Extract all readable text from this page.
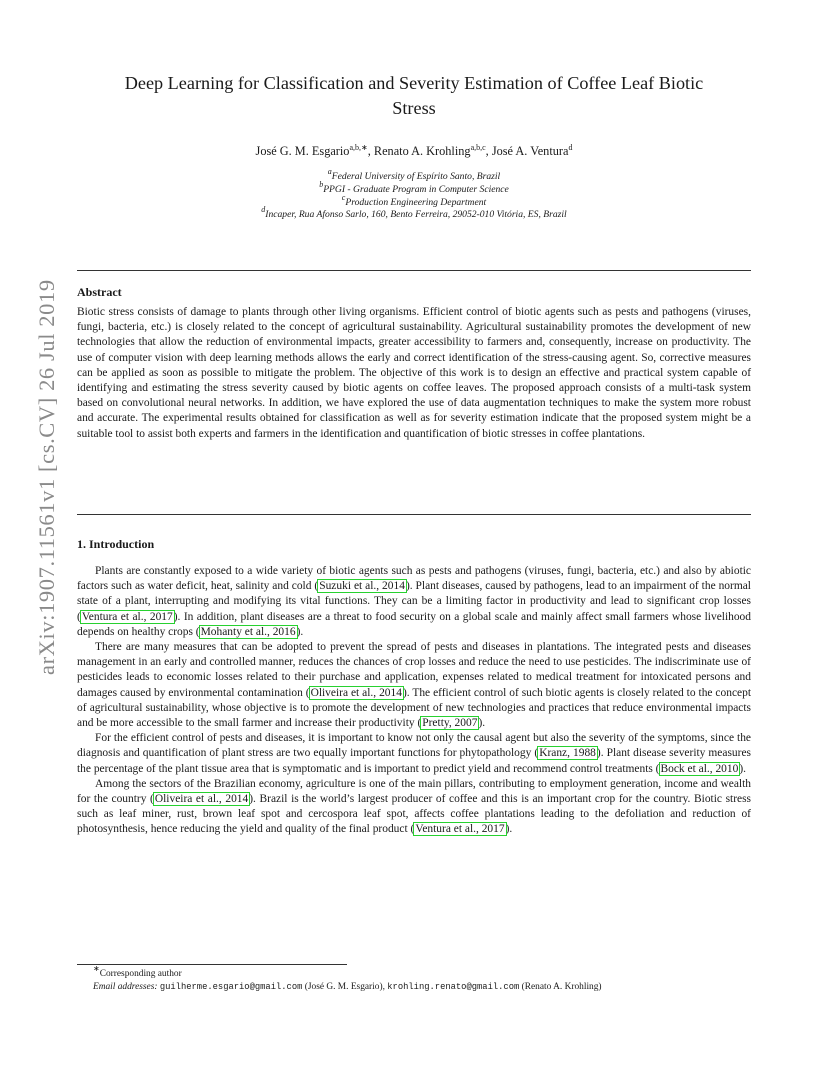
arXiv:1907.11561v1 [cs.CV] 26 Jul 2019
Deep Learning for Classification and Severity Estimation of Coffee Leaf Biotic
Stress
José G. M. Esgario$^{a,b,∗}$, Renato A. Krohling$^{a,b,c}$, José A. Ventura$^d$
$^a$Federal University of Espírito Santo, Brazil
$^b$PPGI - Graduate Program in Computer Science
$^c$Production Engineering Department
$^d$Incaper, Rua Afonso Sarlo, 160, Bento Ferreira, 29052-010 Vitória, ES, Brazil
Abstract
Biotic stress consists of damage to plants through other living organisms. Efficient control of biotic agents such as pests and pathogens (viruses, fungi, bacteria, etc.) is closely related to the concept of agricultural sustainability. Agricultural sustainability promotes the development of new technologies that allow the reduction of environmental impacts, greater accessibility to farmers and, consequently, increase on productivity. The use of computer vision with deep learning methods allows the early and correct identification of the stress-causing agent. So, corrective measures can be applied as soon as possible to mitigate the problem. The objective of this work is to design an effective and practical system capable of identifying and estimating the stress severity caused by biotic agents on coffee leaves. The proposed approach consists of a multi-task system based on convolutional neural networks. In addition, we have explored the use of data augmentation techniques to make the system more robust and accurate. The experimental results obtained for classification as well as for severity estimation indicate that the proposed system might be a suitable tool to assist both experts and farmers in the identification and quantification of biotic stresses in coffee plantations.
1. Introduction

Plants are constantly exposed to a wide variety of biotic agents such as pests and pathogens (viruses, fungi, bacteria, etc.) and also by abiotic factors such as water deficit, heat, salinity and cold (Suzuki et al., 2014). Plant diseases, caused by pathogens, lead to an impairment of the normal state of a plant, interrupting and modifying its vital functions. They can be a limiting factor in productivity and lead to significant crop losses (Ventura et al., 2017). In addition, plant diseases are a threat to food security on a global scale and mainly affect small farmers whose livelihood depends on healthy crops (Mohanty et al., 2016).

There are many measures that can be adopted to prevent the spread of pests and diseases in plantations. The integrated pests and diseases management in an early and controlled manner, reduces the chances of crop losses and reduce the need to use pesticides. The indiscriminate use of pesticides leads to economic losses related to their purchase and application, expenses related to medical treatment for intoxicated persons and damages caused by environmental contamination (Oliveira et al., 2014). The efficient control of such biotic agents is closely related to the concept of agricultural sustainability, whose objective is to promote the development of new technologies and practices that reduce environmental impacts and be more accessible to the small farmer and increase their productivity (Pretty, 2007).

For the efficient control of pests and diseases, it is important to know not only the causal agent but also the severity of the symptoms, since the diagnosis and quantification of plant stress are two equally important functions for phytopathology (Kranz, 1988). Plant disease severity measures the percentage of the plant tissue area that is symptomatic and is important to predict yield and recommend control treatments (Bock et al., 2010).

Among the sectors of the Brazilian economy, agriculture is one of the main pillars, contributing to employment generation, income and wealth for the country (Oliveira et al., 2014). Brazil is the world’s largest producer of coffee and this is an important crop for the country. Biotic stress such as leaf miner, rust, brown leaf spot and cercospora leaf spot, affects coffee plantations leading to the defoliation and reduction of photosynthesis, hence reducing the yield and quality of the final product (Ventura et al., 2017).

∗Corresponding author
Email addresses: guilherme.esgario@gmail.com (José G. M. Esgario), krohling.renato@gmail.com (Renato A. Krohling)
